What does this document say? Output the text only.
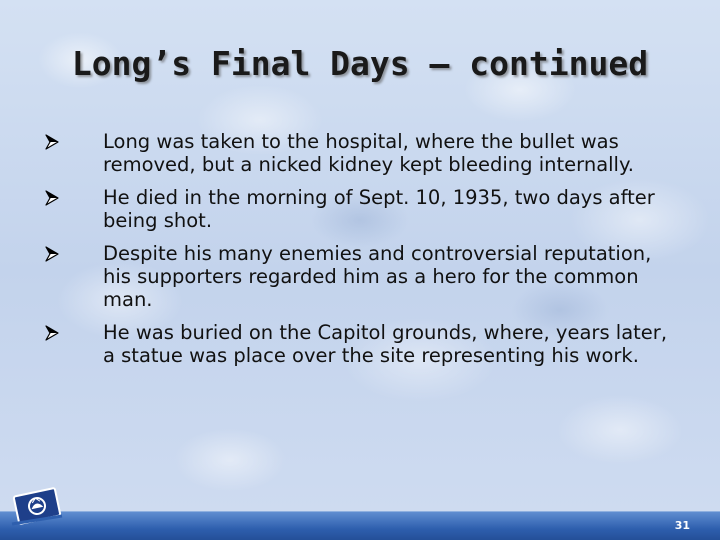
Long’s Final Days – continued
Long was taken to the hospital, where the bullet was removed, but a nicked kidney kept bleeding internally.
He died in the morning of Sept. 10, 1935, two days after being shot.
Despite his many enemies and controversial reputation, his supporters regarded him as a hero for the common man.
He was buried on the Capitol grounds, where, years later, a statue was place over the site representing his work.
31
